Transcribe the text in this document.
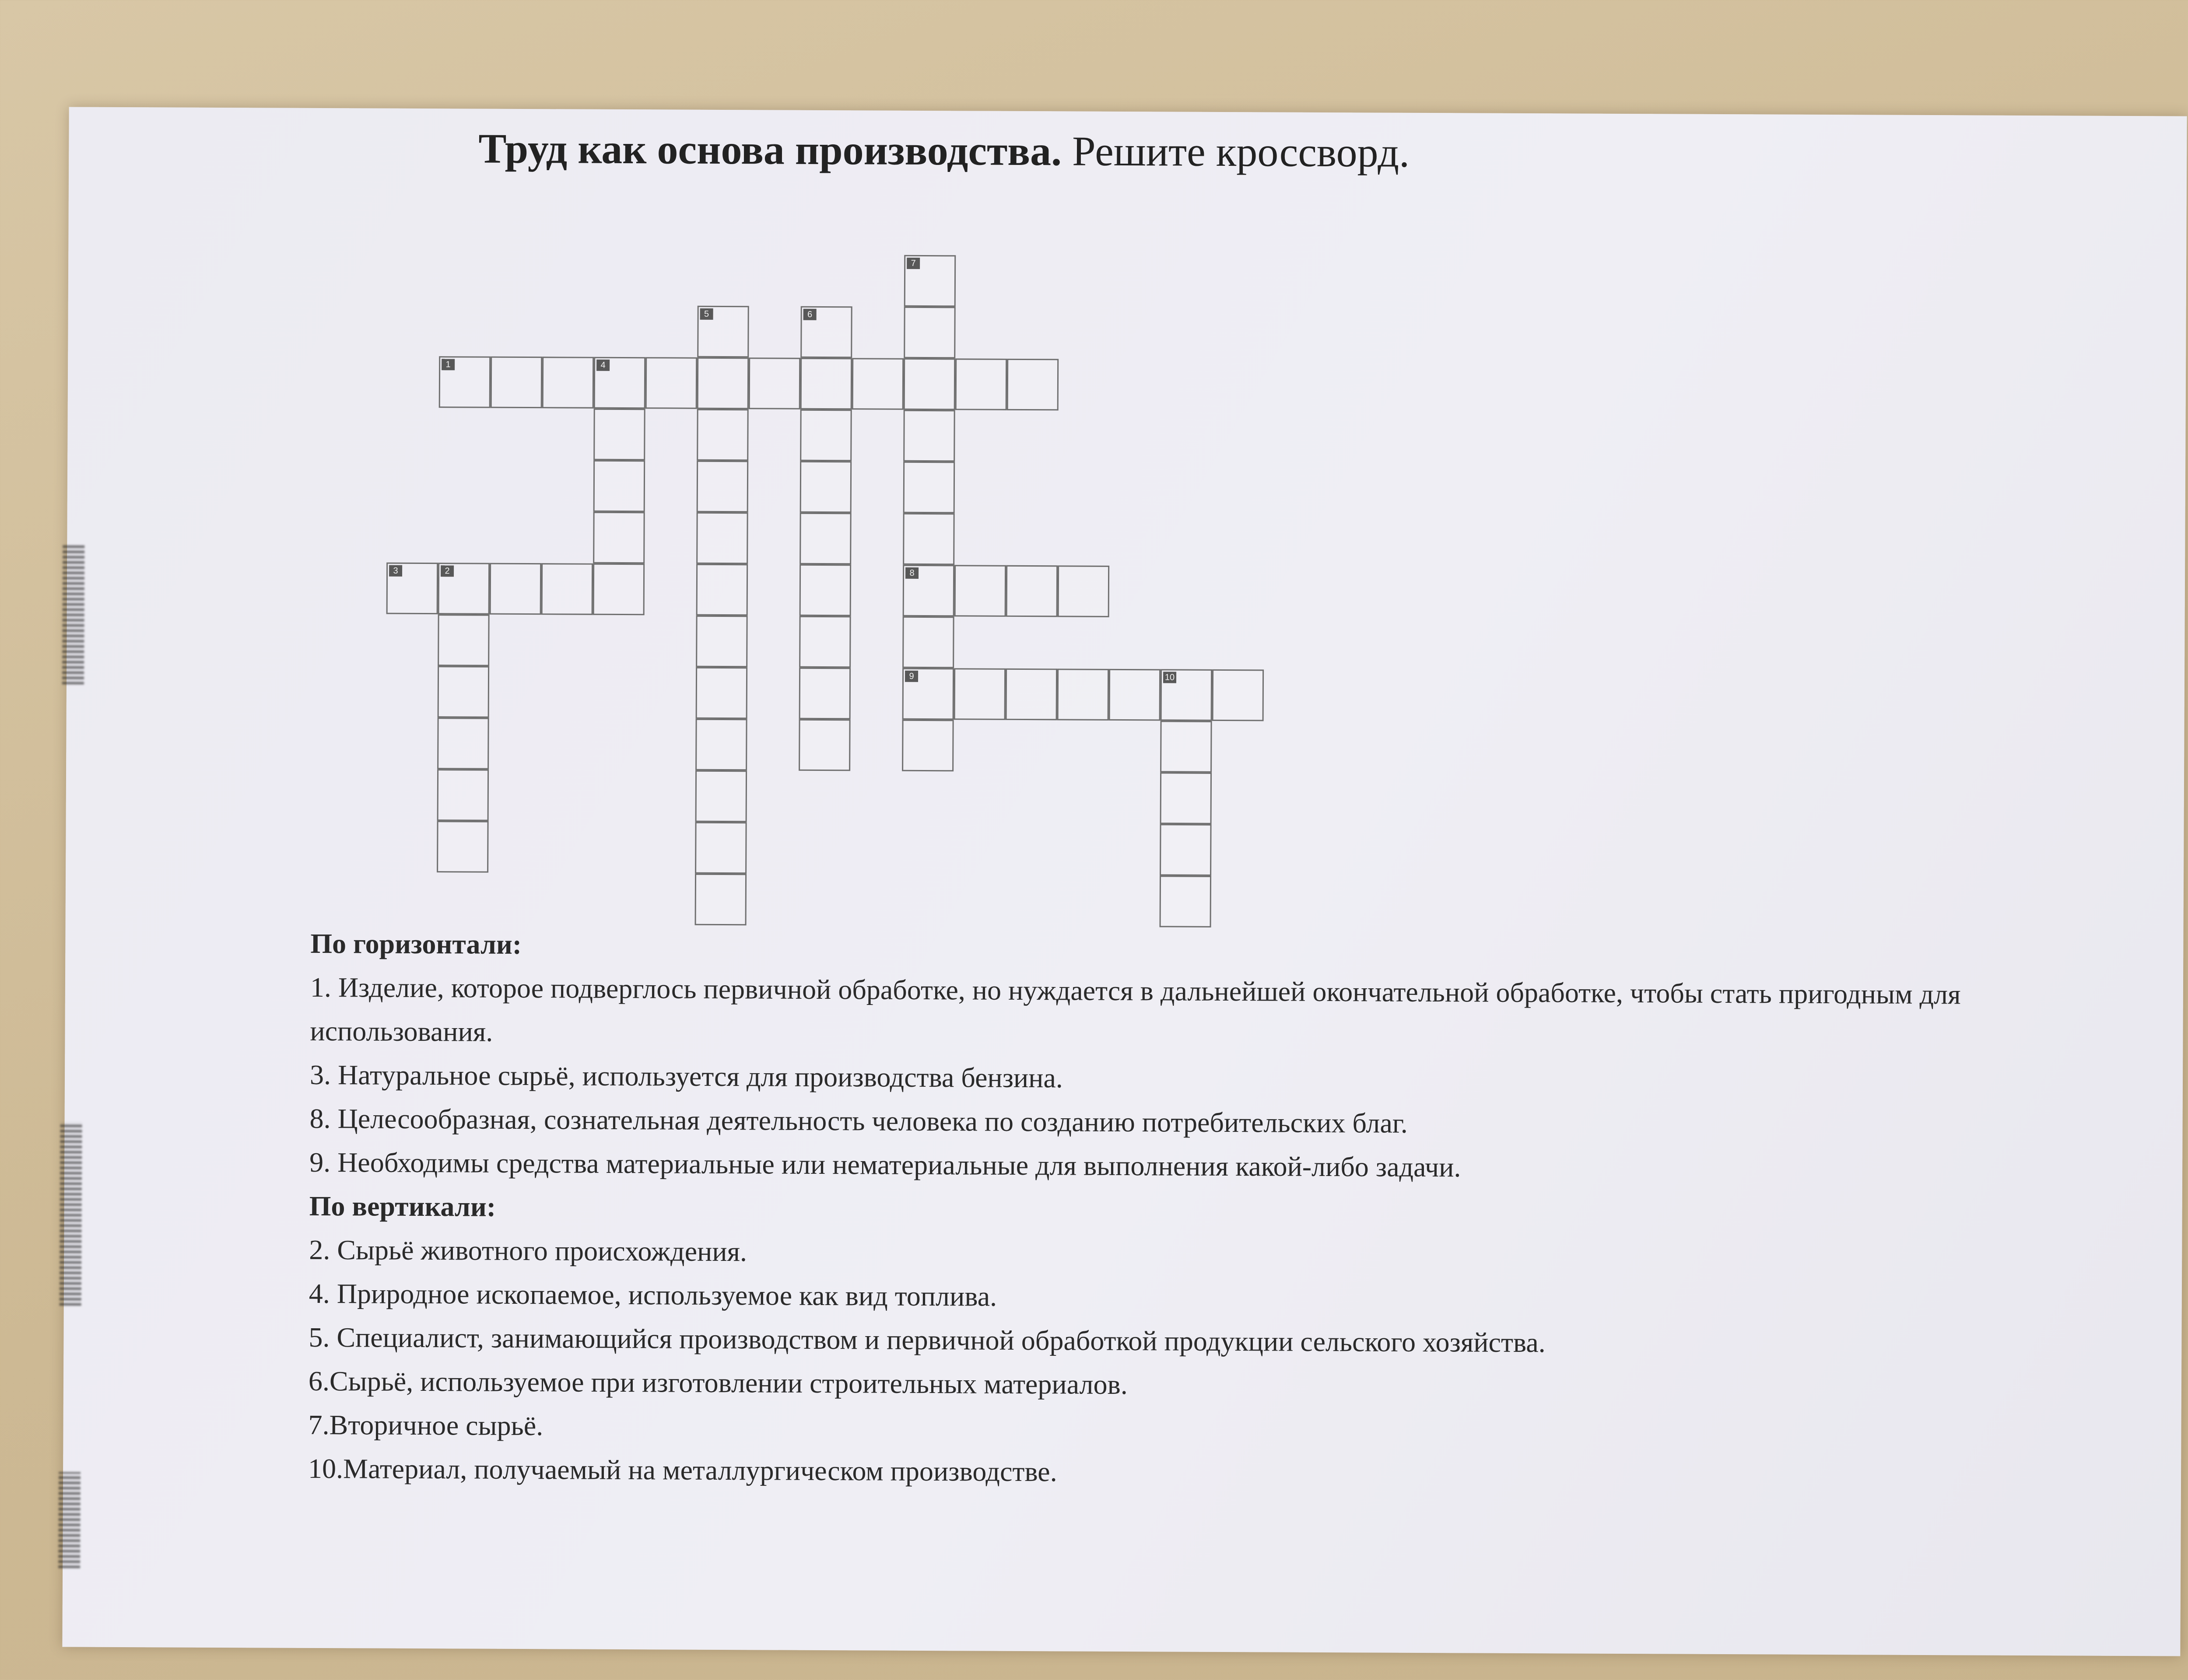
Труд как основа производства. Решите кроссворд.
1	4
2
3
5	6
7
8
9	10
По горизонтали:
1. Изделие, которое подверглось первичной обработке, но нуждается в дальнейшей окончательной обработке, чтобы стать пригодным для использования.
3. Натуральное сырьё, используется для производства бензина.
8. Целесообразная, сознательная деятельность человека по созданию потребительских благ.
9. Необходимы средства материальные или нематериальные для выполнения какой-либо задачи.
По вертикали:
2. Сырьё животного происхождения.
4. Природное ископаемое, используемое как вид топлива.
5. Специалист, занимающийся производством и первичной обработкой продукции сельского хозяйства.
6.Сырьё, используемое при изготовлении строительных материалов.
7.Вторичное сырьё.
10.Материал, получаемый на металлургическом производстве.
